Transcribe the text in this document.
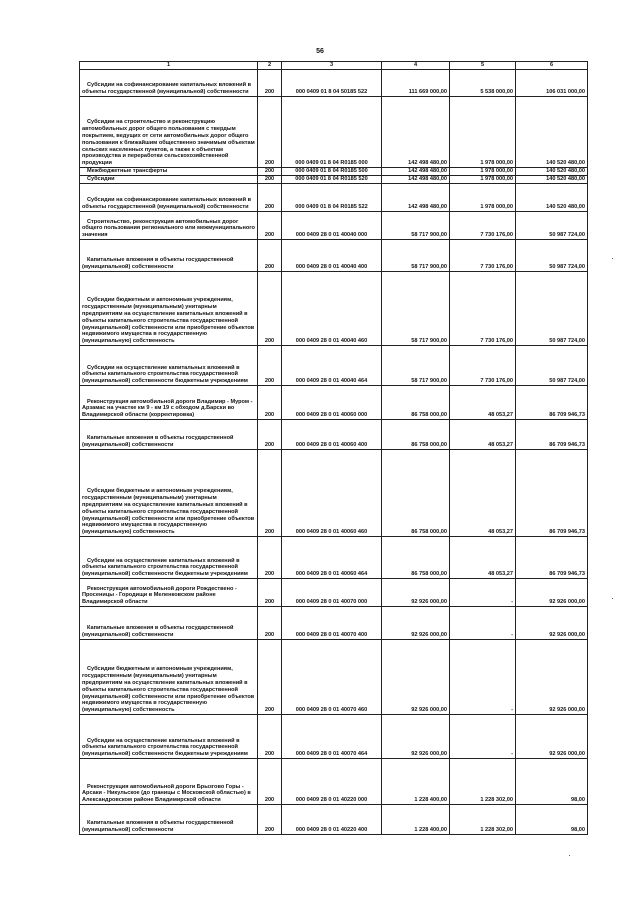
56
1	2	3	4	5	6
Субсидии на софинансирование капитальных вложений в объекты государственной (муниципальной) собственности	200	000 0409 01 8 04 50185 522	111 669 000,00	5 538 000,00	106 031 000,00
Субсидии на строительство и реконструкцию автомобильных дорог общего пользования с твердым покрытием, ведущих от сети автомобильных дорог общего пользования к ближайшим общественно значимым объектам сельских населенных пунктов, а также к объектам производства и переработки сельскохозяйственной продукции	200	000 0409 01 8 04 R0185 000	142 498 480,00	1 978 000,00	140 520 480,00
Межбюджетные трансферты	200	000 0409 01 8 04 R0185 500	142 498 480,00	1 978 000,00	140 520 480,00
Субсидии	200	000 0409 01 8 04 R0185 520	142 498 480,00	1 978 000,00	140 520 480,00
Субсидии на софинансирование капитальных вложений в объекты государственной (муниципальной) собственности	200	000 0409 01 8 04 R0185 522	142 498 480,00	1 978 000,00	140 520 480,00
Строительство, реконструкция автомобильных дорог общего пользования регионального или межмуниципального значения	200	000 0409 28 0 01 40040 000	58 717 900,00	7 730 176,00	50 987 724,00
Капитальные вложения в объекты государственной (муниципальной) собственности	200	000 0409 28 0 01 40040 400	58 717 900,00	7 730 176,00	50 987 724,00
Субсидии бюджетным и автономным учреждениям, государственным (муниципальным) унитарным предприятиям на осуществление капитальных вложений в объекты капитального строительства государственной (муниципальной) собственности или приобретение объектов недвижимого имущества в государственную (муниципальную) собственность	200	000 0409 28 0 01 40040 460	58 717 900,00	7 730 176,00	50 987 724,00
Субсидии на осуществление капитальных вложений в объекты капитального строительства государственной (муниципальной) собственности бюджетным учреждениям	200	000 0409 28 0 01 40040 464	58 717 900,00	7 730 176,00	50 987 724,00
Реконструкция автомобильной дороги Владимир - Муром - Арзамас на участке км 9 - км 19 с обходом д.Барски во Владимирской области (корректировка)	200	000 0409 28 0 01 40060 000	86 758 000,00	48 053,27	86 709 946,73
Капитальные вложения в объекты государственной (муниципальной) собственности	200	000 0409 28 0 01 40060 400	86 758 000,00	48 053,27	86 709 946,73
Субсидии бюджетным и автономным учреждениям, государственным (муниципальным) унитарным предприятиям на осуществление капитальных вложений в объекты капитального строительства государственной (муниципальной) собственности или приобретение объектов недвижимого имущества в государственную (муниципальную) собственность	200	000 0409 28 0 01 40060 460	86 758 000,00	48 053,27	86 709 946,73
Субсидии на осуществление капитальных вложений в объекты капитального строительства государственной (муниципальной) собственности бюджетным учреждениям	200	000 0409 28 0 01 40060 464	86 758 000,00	48 053,27	86 709 946,73
Реконструкция автомобильной дороги Рождествено - Просеницы - Городищи в Меленковском районе Владимирской области	200	000 0409 28 0 01 40070 000	92 926 000,00	-	92 926 000,00
Капитальные вложения в объекты государственной (муниципальной) собственности	200	000 0409 28 0 01 40070 400	92 926 000,00	-	92 926 000,00
Субсидии бюджетным и автономным учреждениям, государственным (муниципальным) унитарным предприятиям на осуществление капитальных вложений в объекты капитального строительства государственной (муниципальной) собственности или приобретение объектов недвижимого имущества в государственную (муниципальную) собственность	200	000 0409 28 0 01 40070 460	92 926 000,00	-	92 926 000,00
Субсидии на осуществление капитальных вложений в объекты капитального строительства государственной (муниципальной) собственности бюджетным учреждениям	200	000 0409 28 0 01 40070 464	92 926 000,00	-	92 926 000,00
Реконструкция автомобильной дороги Брызгово Горы - Арсаки - Никульское (до границы с Московской областью) в Александровском районе Владимирской области	200	000 0409 28 0 01 40220 000	1 228 400,00	1 228 302,00	98,00
Капитальные вложения в объекты государственной (муниципальной) собственности	200	000 0409 28 0 01 40220 400	1 228 400,00	1 228 302,00	98,00
